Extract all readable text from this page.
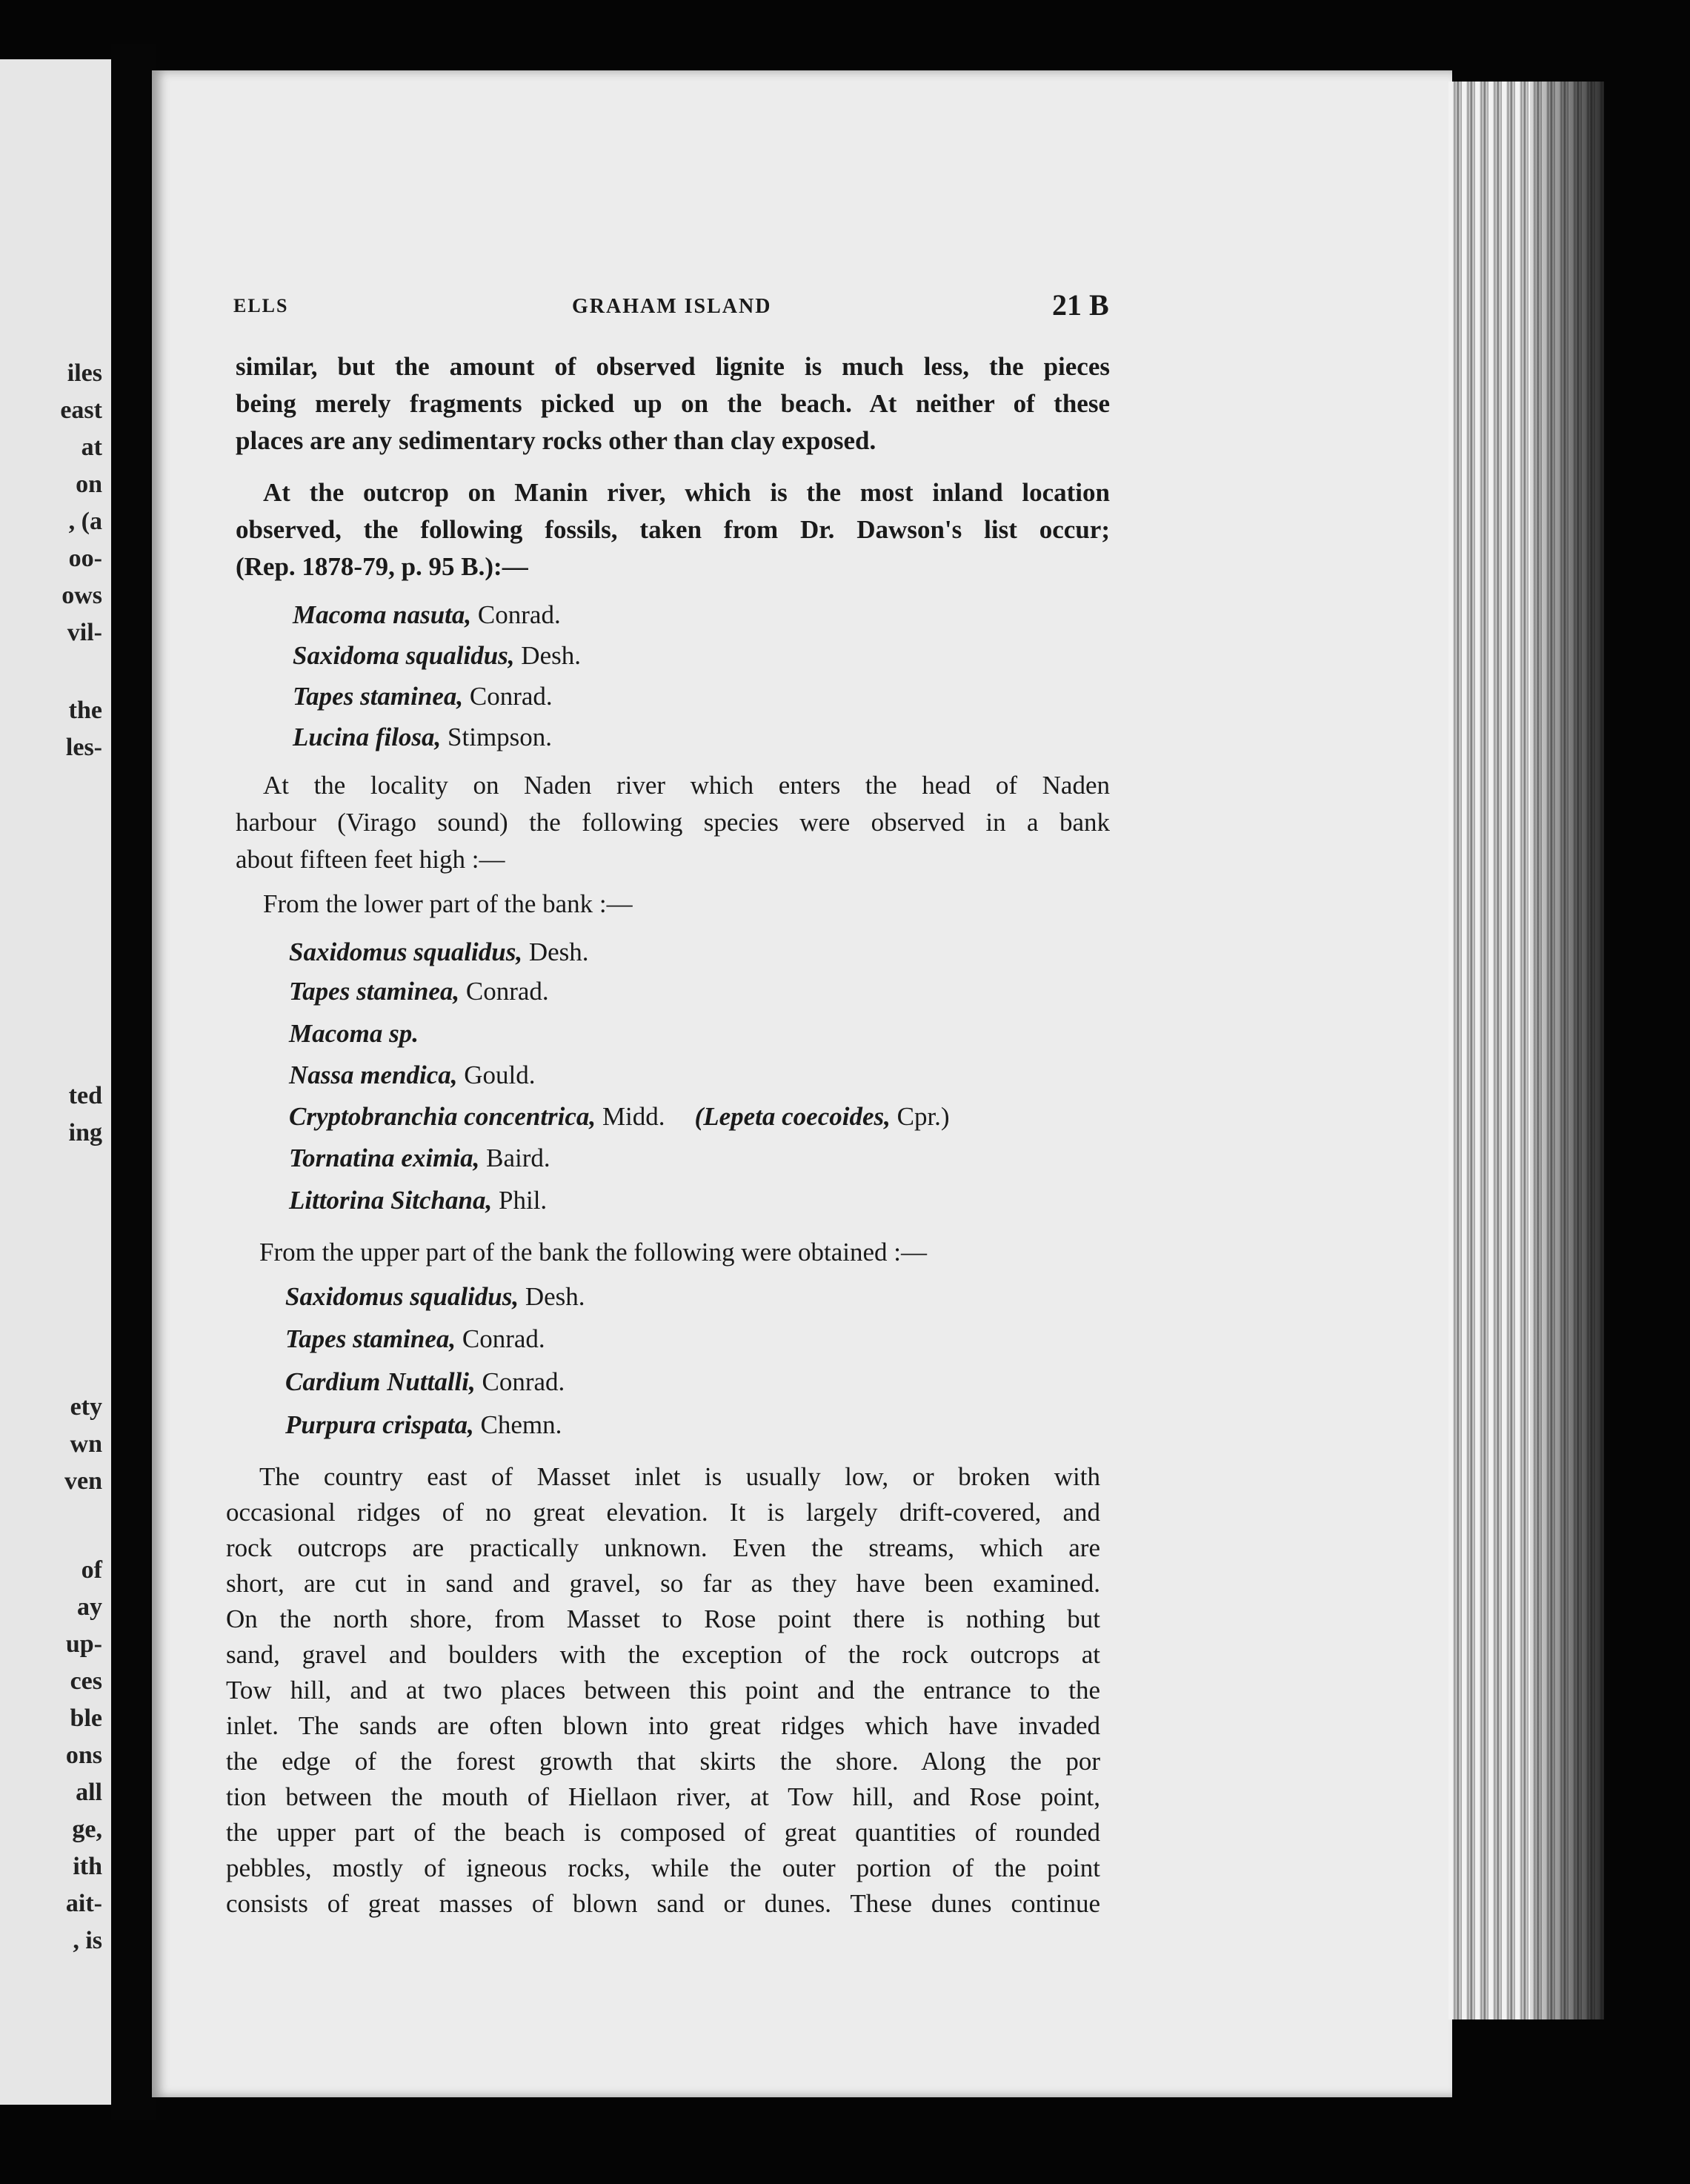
iles
east
at
on
, (a
oo-
ows
vil-
the
les-
ted
ing
ety
wn
ven
of
ay
up-
ces
ble
ons
all
ge,
ith
ait-
, is
ELLS	GRAHAM ISLAND	21 B
similar, but the amount of observed lignite is much less, the pieces
being merely fragments picked up on the beach. At neither of these
places are any sedimentary rocks other than clay exposed.
At the outcrop on Manin river, which is the most inland location
observed, the following fossils, taken from Dr. Dawson's list occur;
(Rep. 1878-79, p. 95 B.):—
At the locality on Naden river which enters the head of Naden
harbour (Virago sound) the following species were observed in a bank
about fifteen feet high :—
From the lower part of the bank :—
From the upper part of the bank the following were obtained :—
The country east of Masset inlet is usually low, or broken with
occasional ridges of no great elevation. It is largely drift-covered, and
rock outcrops are practically unknown. Even the streams, which are
short, are cut in sand and gravel, so far as they have been examined.
On the north shore, from Masset to Rose point there is nothing but
sand, gravel and boulders with the exception of the rock outcrops at
Tow hill, and at two places between this point and the entrance to the
inlet. The sands are often blown into great ridges which have invaded
the edge of the forest growth that skirts the shore. Along the por
tion between the mouth of Hiellaon river, at Tow hill, and Rose point,
the upper part of the beach is composed of great quantities of rounded
pebbles, mostly of igneous rocks, while the outer portion of the point
consists of great masses of blown sand or dunes. These dunes continue
Macoma nasuta, Conrad.
Saxidoma squalidus, Desh.
Tapes staminea, Conrad.
Lucina filosa, Stimpson.
Saxidomus squalidus, Desh.
Tapes staminea, Conrad.
Macoma sp.
Nassa mendica, Gould.
Cryptobranchia concentrica, Midd. (Lepeta coecoides, Cpr.)
Tornatina eximia, Baird.
Littorina Sitchana, Phil.
Saxidomus squalidus, Desh.
Tapes staminea, Conrad.
Cardium Nuttalli, Conrad.
Purpura crispata, Chemn.
